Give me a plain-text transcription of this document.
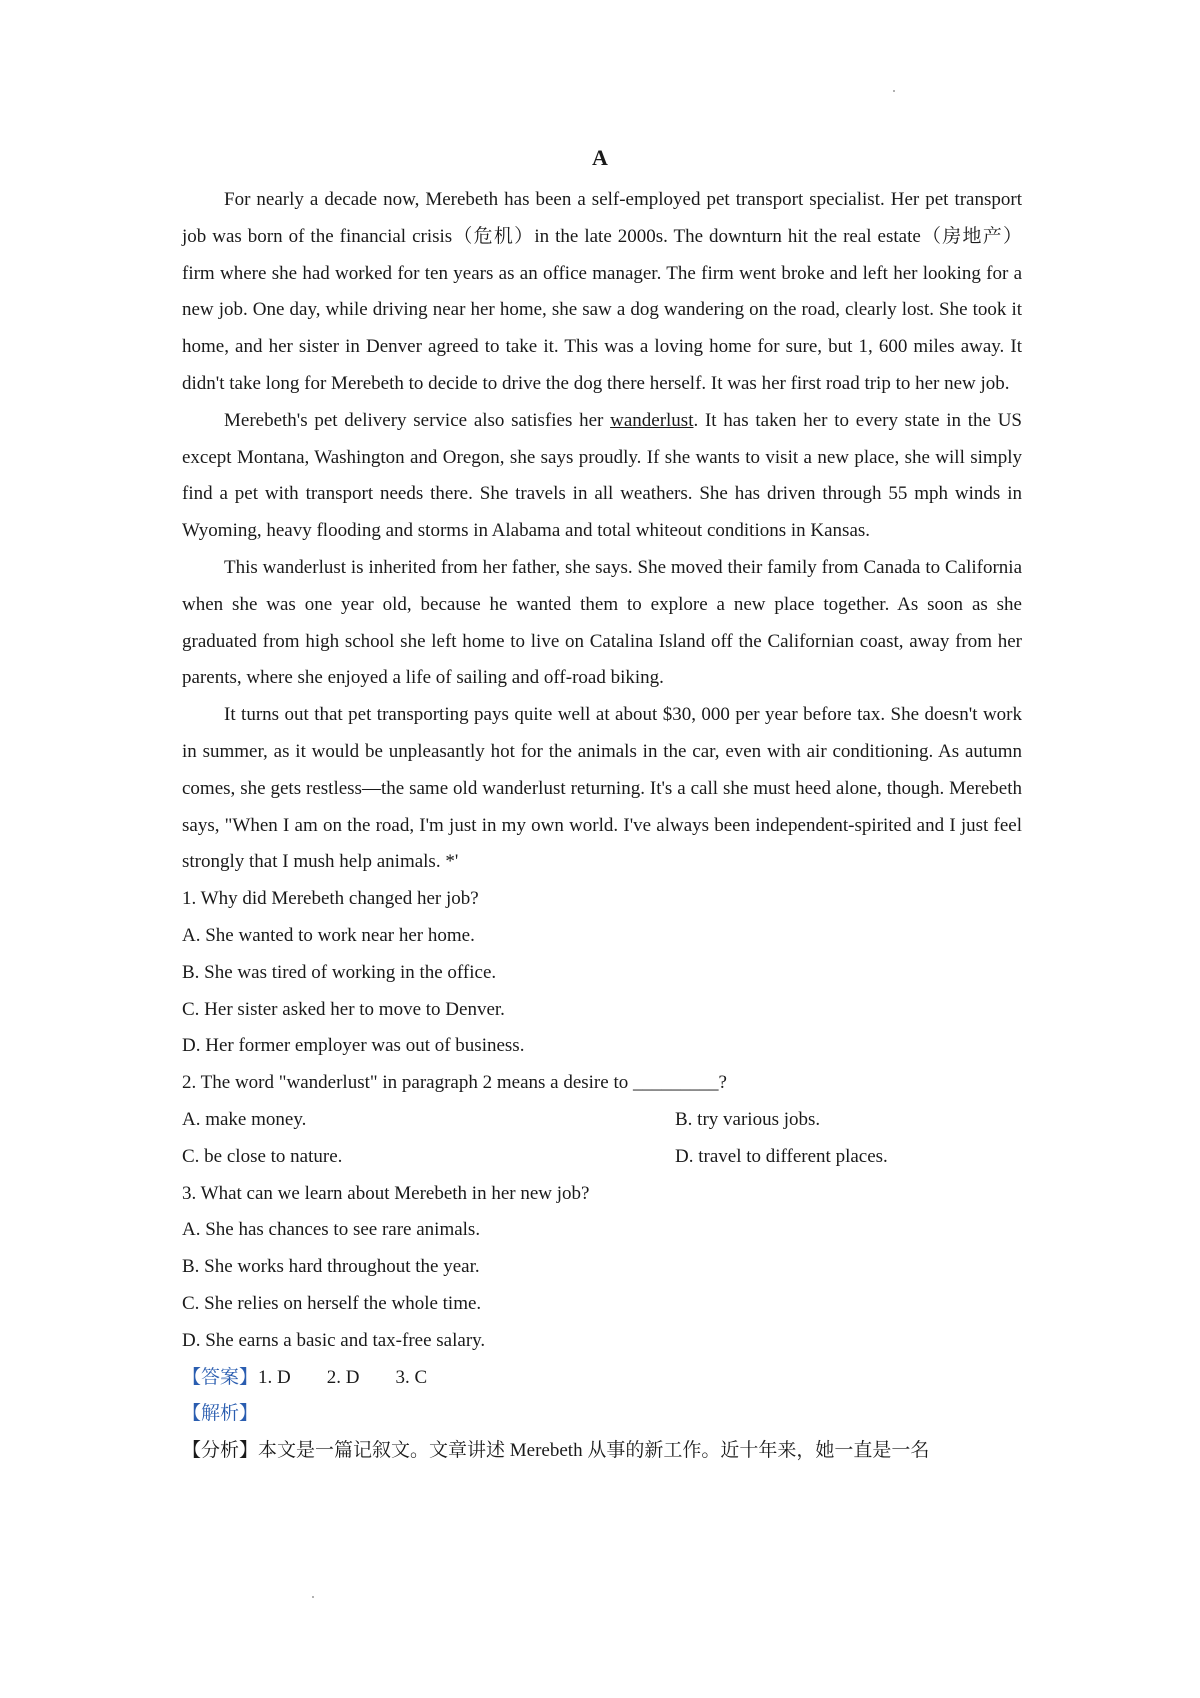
A

For nearly a decade now, Merebeth has been a self-employed pet transport specialist. Her pet transport job was born of the financial crisis（危机）in the late 2000s. The downturn hit the real estate（房地产）firm where she had worked for ten years as an office manager. The firm went broke and left her looking for a new job. One day, while driving near her home, she saw a dog wandering on the road, clearly lost. She took it home, and her sister in Denver agreed to take it. This was a loving home for sure, but 1, 600 miles away. It didn't take long for Merebeth to decide to drive the dog there herself. It was her first road trip to her new job.

Merebeth's pet delivery service also satisfies her wanderlust. It has taken her to every state in the US except Montana, Washington and Oregon, she says proudly. If she wants to visit a new place, she will simply find a pet with transport needs there. She travels in all weathers. She has driven through 55 mph winds in Wyoming, heavy flooding and storms in Alabama and total whiteout conditions in Kansas.

This wanderlust is inherited from her father, she says. She moved their family from Canada to California when she was one year old, because he wanted them to explore a new place together. As soon as she graduated from high school she left home to live on Catalina Island off the Californian coast, away from her parents, where she enjoyed a life of sailing and off-road biking.

It turns out that pet transporting pays quite well at about $30, 000 per year before tax. She doesn't work in summer, as it would be unpleasantly hot for the animals in the car, even with air conditioning. As autumn comes, she gets restless—the same old wanderlust returning. It's a call she must heed alone, though. Merebeth says, "When I am on the road, I'm just in my own world. I've always been independent-spirited and I just feel strongly that I mush help animals. *'

1. Why did Merebeth changed her job?

A. She wanted to work near her home.

B. She was tired of working in the office.

C. Her sister asked her to move to Denver.

D. Her former employer was out of business.

2. The word "wanderlust" in paragraph 2 means a desire to _________?

A. make money.	B. try various jobs.
C. be close to nature.	D. travel to different places.

3. What can we learn about Merebeth in her new job?

A. She has chances to see rare animals.

B. She works hard throughout the year.

C. She relies on herself the whole time.

D. She earns a basic and tax-free salary.

【答案】1. D 2. D 3. C

【解析】

【分析】本文是一篇记叙文。文章讲述 Merebeth 从事的新工作。近十年来，她一直是一名
